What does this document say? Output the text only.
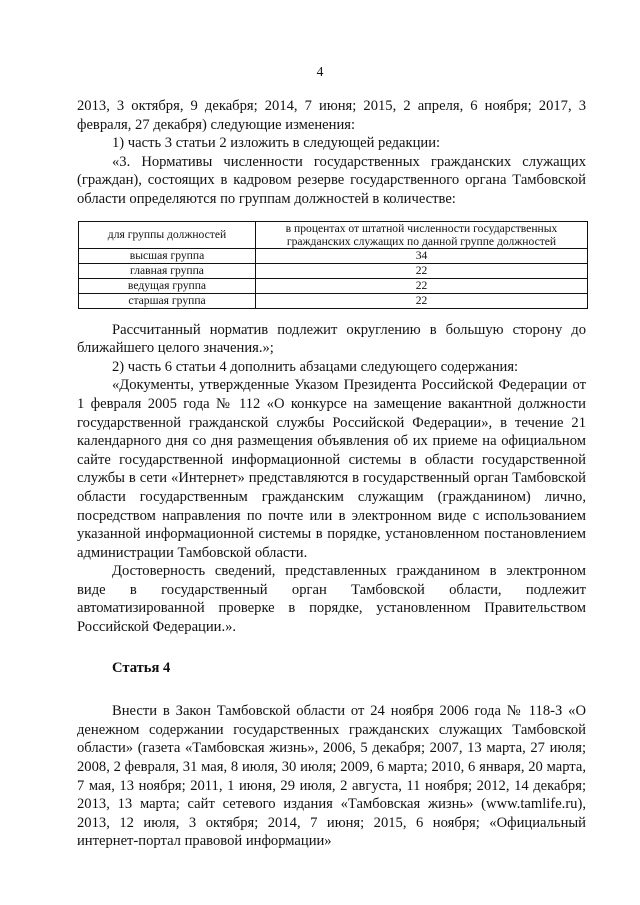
4

2013, 3 октября, 9 декабря; 2014, 7 июня; 2015, 2 апреля, 6 ноября; 2017, 3 февраля, 27 декабря) следующие изменения:

1) часть 3 статьи 2 изложить в следующей редакции:

«3. Нормативы численности государственных гражданских служащих (граждан), состоящих в кадровом резерве государственного органа Тамбовской области определяются по группам должностей в количестве:

для группы должностей	в процентах от штатной численности государственных гражданских служащих по данной группе должностей
высшая группа	34
главная группа	22
ведущая группа	22
старшая группа	22

Рассчитанный норматив подлежит округлению в большую сторону до ближайшего целого значения.»;

2) часть 6 статьи 4 дополнить абзацами следующего содержания:

«Документы, утвержденные Указом Президента Российской Федерации от 1 февраля 2005 года № 112 «О конкурсе на замещение вакантной должности государственной гражданской службы Российской Федерации», в течение 21 календарного дня со дня размещения объявления об их приеме на официальном сайте государственной информационной системы в области государственной службы в сети «Интернет» представляются в государственный орган Тамбовской области государственным гражданским служащим (гражданином) лично, посредством направления по почте или в электронном виде с использованием указанной информационной системы в порядке, установленном постановлением администрации Тамбовской области.

Достоверность сведений, представленных гражданином в электронном виде в государственный орган Тамбовской области, подлежит автоматизированной проверке в порядке, установленном Правительством Российской Федерации.».

Статья 4

Внести в Закон Тамбовской области от 24 ноября 2006 года № 118-З «О денежном содержании государственных гражданских служащих Тамбовской области» (газета «Тамбовская жизнь», 2006, 5 декабря; 2007, 13 марта, 27 июля; 2008, 2 февраля, 31 мая, 8 июля, 30 июля; 2009, 6 марта; 2010, 6 января, 20 марта, 7 мая, 13 ноября; 2011, 1 июня, 29 июля, 2 августа, 11 ноября; 2012, 14 декабря; 2013, 13 марта; сайт сетевого издания «Тамбовская жизнь» (www.tamlife.ru), 2013, 12 июля, 3 октября; 2014, 7 июня; 2015, 6 ноября; «Официальный интернет-портал правовой информации»
